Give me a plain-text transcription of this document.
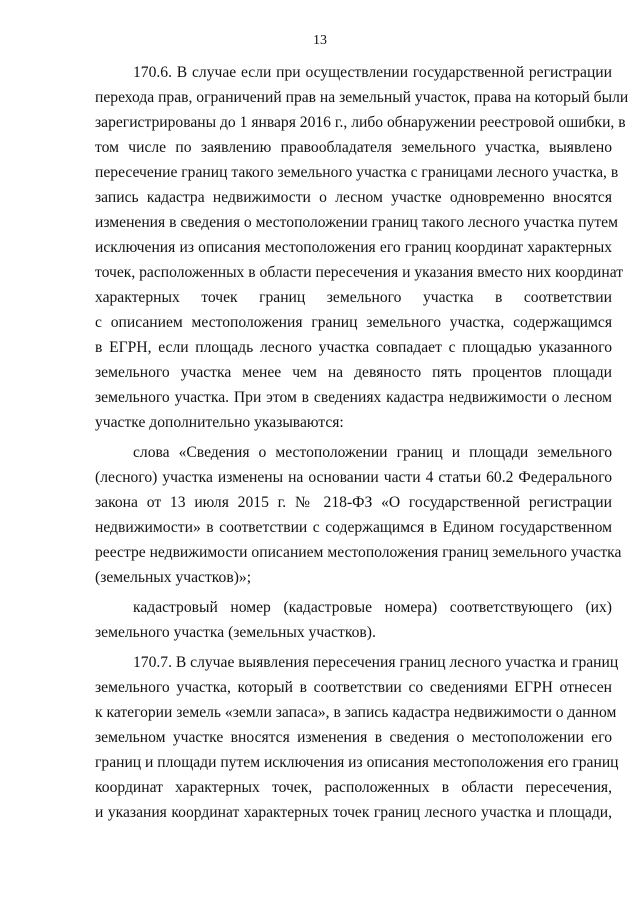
13
170.6. В случае если при осуществлении государственной регистрации
перехода прав, ограничений прав на земельный участок, права на который были
зарегистрированы до 1 января 2016 г., либо обнаружении реестровой ошибки, в
том числе по заявлению правообладателя земельного участка, выявлено
пересечение границ такого земельного участка с границами лесного участка, в
запись кадастра недвижимости о лесном участке одновременно вносятся
изменения в сведения о местоположении границ такого лесного участка путем
исключения из описания местоположения его границ координат характерных
точек, расположенных в области пересечения и указания вместо них координат
характерных точек границ земельного участка в соответствии
с описанием местоположения границ земельного участка, содержащимся
в ЕГРН, если площадь лесного участка совпадает с площадью указанного
земельного участка менее чем на девяносто пять процентов площади
земельного участка. При этом в сведениях кадастра недвижимости о лесном
участке дополнительно указываются:
слова «Сведения о местоположении границ и площади земельного
(лесного) участка изменены на основании части 4 статьи 60.2 Федерального
закона от 13 июля 2015 г. № 218-ФЗ «О государственной регистрации
недвижимости» в соответствии с содержащимся в Едином государственном
реестре недвижимости описанием местоположения границ земельного участка
(земельных участков)»;
кадастровый номер (кадастровые номера) соответствующего (их)
земельного участка (земельных участков).
170.7. В случае выявления пересечения границ лесного участка и границ
земельного участка, который в соответствии со сведениями ЕГРН отнесен
к категории земель «земли запаса», в запись кадастра недвижимости о данном
земельном участке вносятся изменения в сведения о местоположении его
границ и площади путем исключения из описания местоположения его границ
координат характерных точек, расположенных в области пересечения,
и указания координат характерных точек границ лесного участка и площади,
